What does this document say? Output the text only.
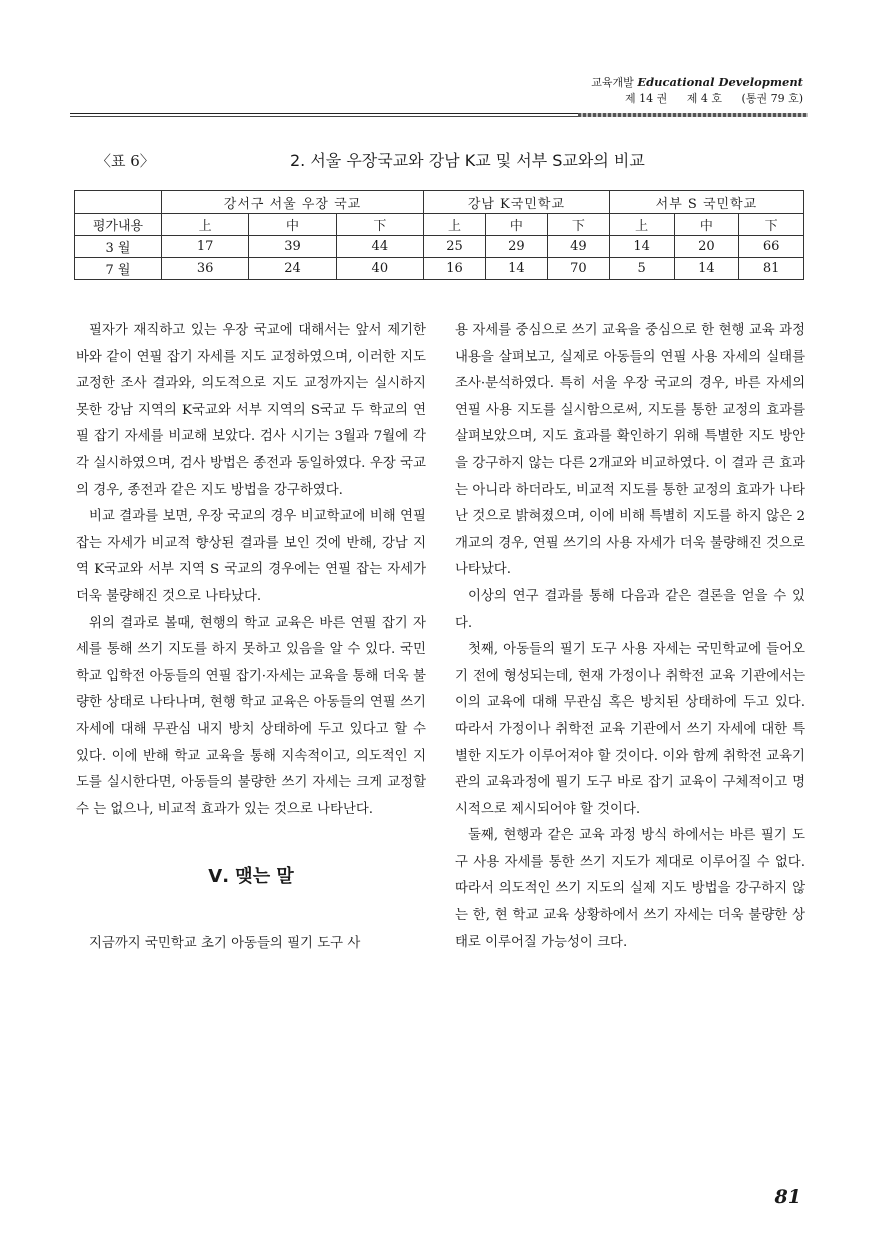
교육개발 Educational Development
제 14 권 제 4 호 (통권 79 호)
〈표 6〉	2. 서울 우장국교와 강남 K교 및 서부 S교와의 비교
	강서구 서울 우장 국교			강남 K국민학교			서부 S 국민학교		
평가내용	上	中	下	上	中	下	上	中	下
3 월	17	39	44	25	29	49	14	20	66
7 월	36	24	40	16	14	70	5	14	81

필자가 재직하고 있는 우장 국교에 대해서는 앞서 제기한 바와 같이 연필 잡기 자세를 지도 교정하였으며, 이러한 지도 교정한 조사 결과와, 의도적으로 지도 교정까지는 실시하지 못한 강남 지역의 K국교와 서부 지역의 S국교 두 학교의 연필 잡기 자세를 비교해 보았다. 검사 시기는 3월과 7월에 각각 실시하였으며, 검사 방법은 종전과 동일하였다. 우장 국교의 경우, 종전과 같은 지도 방법을 강구하였다.

비교 결과를 보면, 우장 국교의 경우 비교학교에 비해 연필 잡는 자세가 비교적 향상된 결과를 보인 것에 반해, 강남 지역 K국교와 서부 지역 S 국교의 경우에는 연필 잡는 자세가 더욱 불량해진 것으로 나타났다.

위의 결과로 볼때, 현행의 학교 교육은 바른 연필 잡기 자세를 통해 쓰기 지도를 하지 못하고 있음을 알 수 있다. 국민학교 입학전 아동들의 연필 잡기·자세는 교육을 통해 더욱 불량한 상태로 나타나며, 현행 학교 교육은 아동들의 연필 쓰기 자세에 대해 무관심 내지 방치 상태하에 두고 있다고 할 수 있다. 이에 반해 학교 교육을 통해 지속적이고, 의도적인 지도를 실시한다면, 아동들의 불량한 쓰기 자세는 크게 교정할 수 는 없으나, 비교적 효과가 있는 것으로 나타난다.

Ⅴ. 맺는 말

지금까지 국민학교 초기 아동들의 필기 도구 사

용 자세를 중심으로 쓰기 교육을 중심으로 한 현행 교육 과정 내용을 살펴보고, 실제로 아동들의 연필 사용 자세의 실태를 조사·분석하였다. 특히 서울 우장 국교의 경우, 바른 자세의 연필 사용 지도를 실시함으로써, 지도를 통한 교정의 효과를 살펴보았으며, 지도 효과를 확인하기 위해 특별한 지도 방안을 강구하지 않는 다른 2개교와 비교하였다. 이 결과 큰 효과는 아니라 하더라도, 비교적 지도를 통한 교정의 효과가 나타난 것으로 밝혀졌으며, 이에 비해 특별히 지도를 하지 않은 2개교의 경우, 연필 쓰기의 사용 자세가 더욱 불량해진 것으로 나타났다.

이상의 연구 결과를 통해 다음과 같은 결론을 얻을 수 있다.

첫째, 아동들의 필기 도구 사용 자세는 국민학교에 들어오기 전에 형성되는데, 현재 가정이나 취학전 교육 기관에서는 이의 교육에 대해 무관심 혹은 방치된 상태하에 두고 있다. 따라서 가정이나 취학전 교육 기관에서 쓰기 자세에 대한 특별한 지도가 이루어져야 할 것이다. 이와 함께 취학전 교육기관의 교육과정에 필기 도구 바로 잡기 교육이 구체적이고 명시적으로 제시되어야 할 것이다.

둘째, 현행과 같은 교육 과정 방식 하에서는 바른 필기 도구 사용 자세를 통한 쓰기 지도가 제대로 이루어질 수 없다. 따라서 의도적인 쓰기 지도의 실제 지도 방법을 강구하지 않는 한, 현 학교 교육 상황하에서 쓰기 자세는 더욱 불량한 상태로 이루어질 가능성이 크다.

81
